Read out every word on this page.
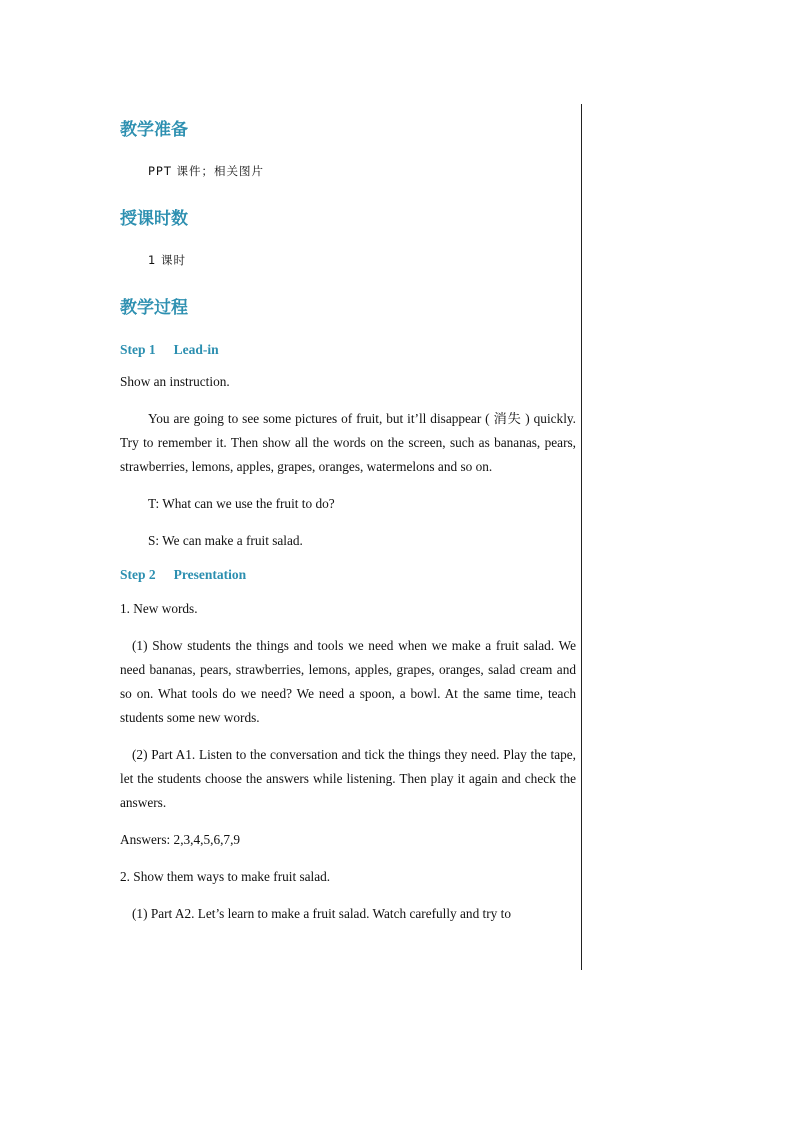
教学准备

PPT 课件；相关图片

授课时数

1 课时

教学过程
Step 1 Lead-in

Show an instruction.

You are going to see some pictures of fruit, but it’ll disappear ( 消失 ) quickly. Try to remember it. Then show all the words on the screen, such as bananas, pears, strawberries, lemons, apples, grapes, oranges, watermelons and so on.

T: What can we use the fruit to do?

S: We can make a fruit salad.

Step 2 Presentation

1. New words.

(1) Show students the things and tools we need when we make a fruit salad. We need bananas, pears, strawberries, lemons, apples, grapes, oranges, salad cream and so on. What tools do we need? We need a spoon, a bowl. At the same time, teach students some new words.

(2) Part A1. Listen to the conversation and tick the things they need. Play the tape, let the students choose the answers while listening. Then play it again and check the answers.

Answers: 2,3,4,5,6,7,9

2. Show them ways to make fruit salad.

(1) Part A2. Let’s learn to make a fruit salad. Watch carefully and try to
